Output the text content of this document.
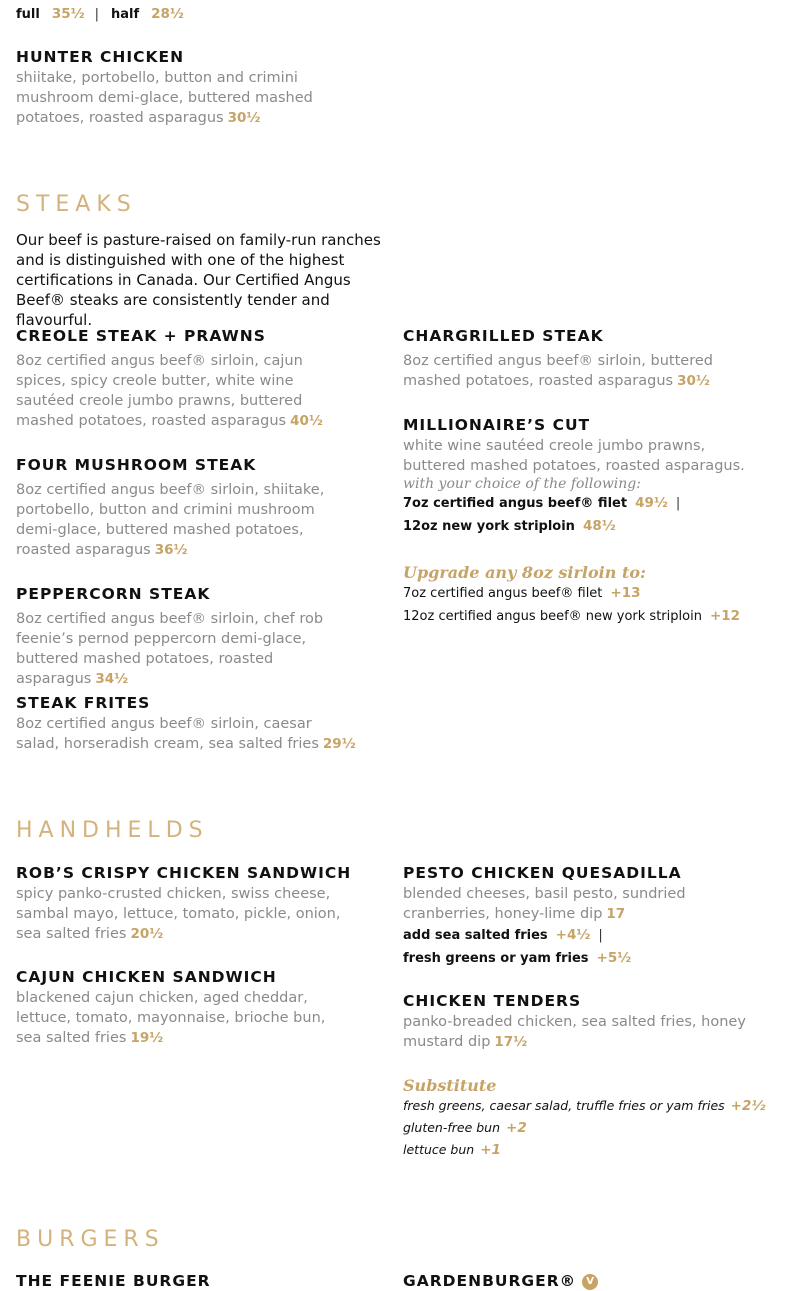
full 35½ | half 28½
HUNTER CHICKEN
shiitake, portobello, button and crimini mushroom demi-glace, buttered mashed potatoes, roasted asparagus 30½
STEAKS
Our beef is pasture-raised on family-run ranches and is distinguished with one of the highest certifications in Canada. Our Certified Angus Beef® steaks are consistently tender and flavourful.
CREOLE STEAK + PRAWNS
8oz certified angus beef® sirloin, cajun spices, spicy creole butter, white wine sautéed creole jumbo prawns, buttered mashed potatoes, roasted asparagus 40½
FOUR MUSHROOM STEAK
8oz certified angus beef® sirloin, shiitake, portobello, button and crimini mushroom demi-glace, buttered mashed potatoes, roasted asparagus 36½
PEPPERCORN STEAK
8oz certified angus beef® sirloin, chef rob feenie’s pernod peppercorn demi-glace, buttered mashed potatoes, roasted asparagus 34½
STEAK FRITES
8oz certified angus beef® sirloin, caesar salad, horseradish cream, sea salted fries 29½
CHARGRILLED STEAK
8oz certified angus beef® sirloin, buttered mashed potatoes, roasted asparagus 30½
MILLIONAIRE’S CUT
white wine sautéed creole jumbo prawns, buttered mashed potatoes, roasted asparagus.
with your choice of the following:
7oz certified angus beef® filet 49½ |
12oz new york striploin 48½
Upgrade any 8oz sirloin to:
7oz certified angus beef® filet +13
12oz certified angus beef® new york striploin +12
HANDHELDS
ROB’S CRISPY CHICKEN SANDWICH
spicy panko-crusted chicken, swiss cheese, sambal mayo, lettuce, tomato, pickle, onion, sea salted fries 20½
CAJUN CHICKEN SANDWICH
blackened cajun chicken, aged cheddar, lettuce, tomato, mayonnaise, brioche bun, sea salted fries 19½
PESTO CHICKEN QUESADILLA
blended cheeses, basil pesto, sundried cranberries, honey-lime dip 17
add sea salted fries +4½ |
fresh greens or yam fries +5½
CHICKEN TENDERS
panko-breaded chicken, sea salted fries, honey mustard dip 17½
Substitute
fresh greens, caesar salad, truffle fries or yam fries +2½
gluten-free bun +2
lettuce bun +1
BURGERS
THE FEENIE BURGER	GARDENBURGER® V
